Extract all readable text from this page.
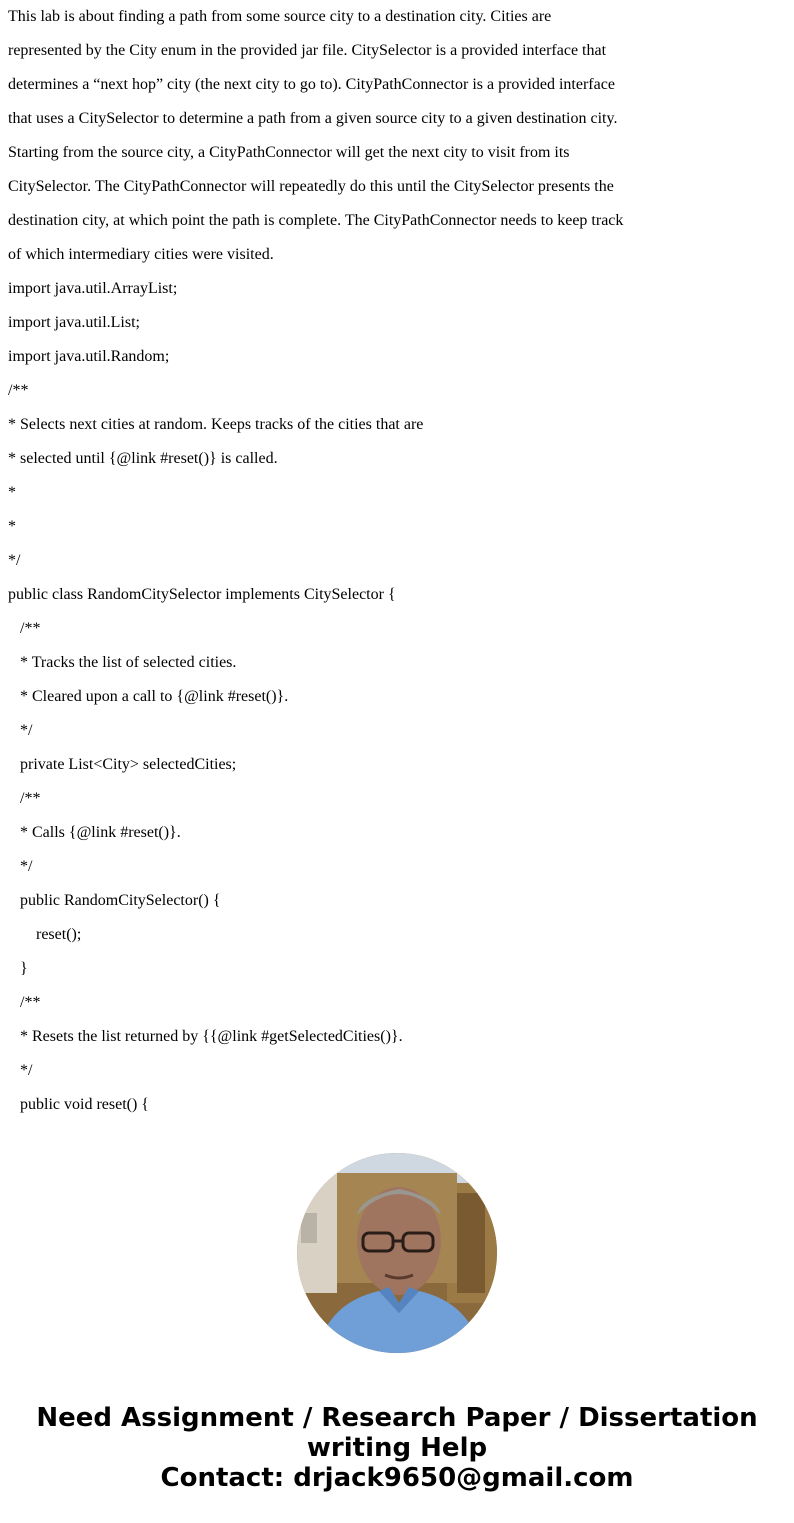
This lab is about finding a path from some source city to a destination city. Cities are
represented by the City enum in the provided jar file. CitySelector is a provided interface that
determines a “next hop” city (the next city to go to). CityPathConnector is a provided interface
that uses a CitySelector to determine a path from a given source city to a given destination city.
Starting from the source city, a CityPathConnector will get the next city to visit from its
CitySelector. The CityPathConnector will repeatedly do this until the CitySelector presents the
destination city, at which point the path is complete. The CityPathConnector needs to keep track
of which intermediary cities were visited.
import java.util.ArrayList;
import java.util.List;
import java.util.Random;
/**
* Selects next cities at random. Keeps tracks of the cities that are
* selected until {@link #reset()} is called.
*
*
*/
public class RandomCitySelector implements CitySelector {
/**
* Tracks the list of selected cities.
* Cleared upon a call to {@link #reset()}.
*/
private List<City> selectedCities;
/**
* Calls {@link #reset()}.
*/
public RandomCitySelector() {
reset();
}
/**
* Resets the list returned by {{@link #getSelectedCities()}.
*/
public void reset() {
Need Assignment / Research Paper / Dissertation
writing Help
Contact: drjack9650@gmail.com
